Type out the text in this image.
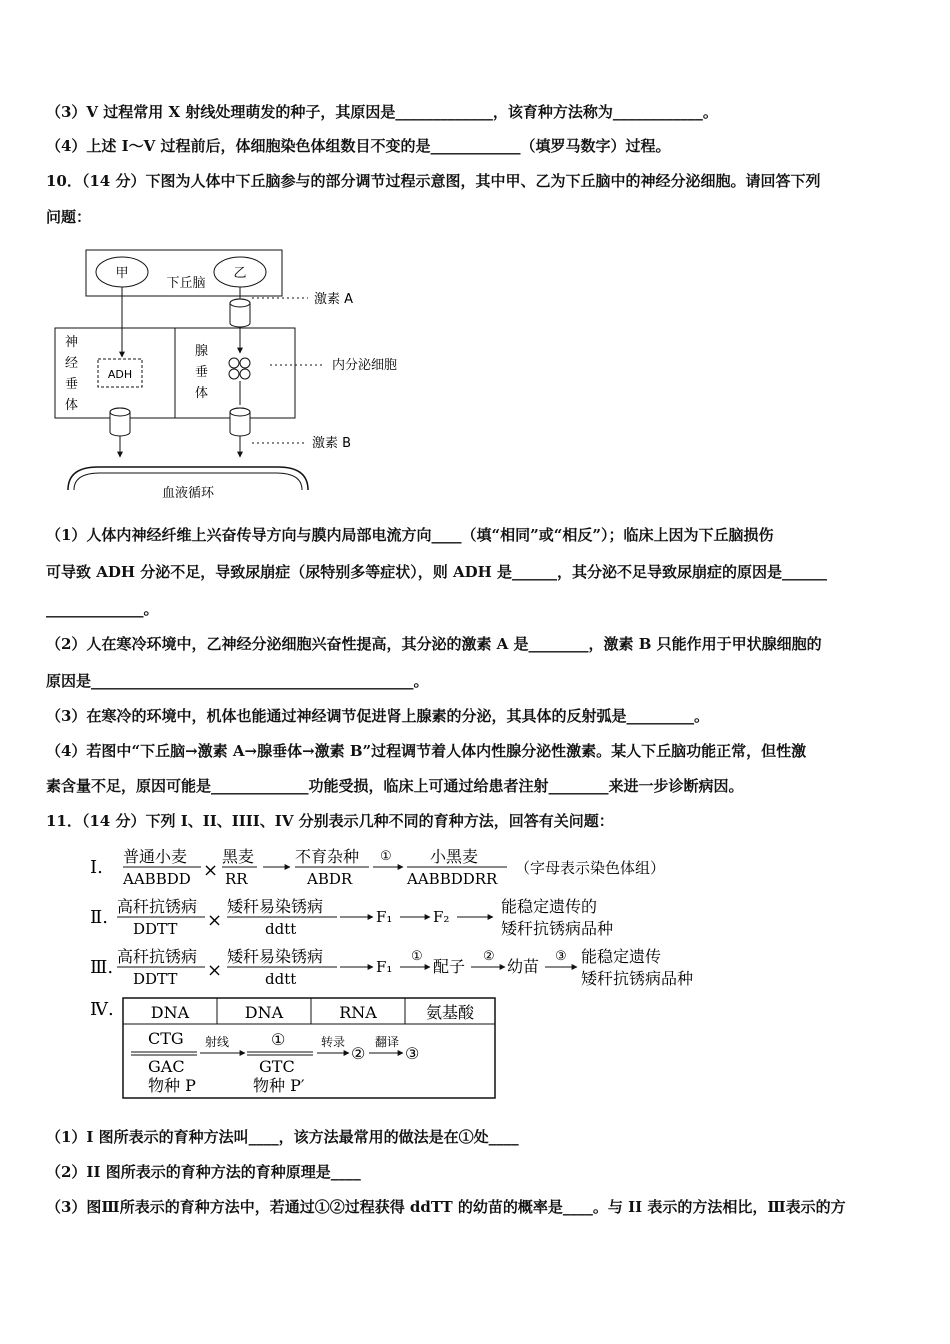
（3）V 过程常用 X 射线处理萌发的种子，其原因是_____________，该育种方法称为____________。
（4）上述 I～V 过程前后，体细胞染色体组数目不变的是____________（填罗马数字）过程。
10．（14 分）下图为人体中下丘脑参与的部分调节过程示意图，其中甲、乙为下丘脑中的神经分泌细胞。请回答下列
问题：
甲	乙
下丘脑
激素 A
神
经
垂
体
ADH
腺
垂
体
内分泌细胞
激素 B
血液循环
（1）人体内神经纤维上兴奋传导方向与膜内局部电流方向____（填“相同”或“相反”）；临床上因为下丘脑损伤
可导致 ADH 分泌不足，导致尿崩症（尿特别多等症状），则 ADH 是______，其分泌不足导致尿崩症的原因是______
_____________。
（2）人在寒冷环境中，乙神经分泌细胞兴奋性提高，其分泌的激素 A 是________，激素 B 只能作用于甲状腺细胞的
原因是___________________________________________。
（3）在寒冷的环境中，机体也能通过神经调节促进肾上腺素的分泌，其具体的反射弧是_________。
（4）若图中“下丘脑→激素 A→腺垂体→激素 B”过程调节着人体内性腺分泌性激素。某人下丘脑功能正常，但性激
素含量不足，原因可能是_____________功能受损，临床上可通过给患者注射________来进一步诊断病因。
11．（14 分）下列 I、II、IIII、IV 分别表示几种不同的育种方法，回答有关问题：
Ⅰ.
普通小麦
AABBDD ×
黑麦
RR
不育杂种
ABDR
① 小黑麦
AABBDDRR
（字母表示染色体组）
Ⅱ.
高秆抗锈病
DDTT ×
矮秆易染锈病
ddtt
F₁	F₂
能稳定遗传的
矮秆抗锈病品种
Ⅲ.
高秆抗锈病
DDTT ×
矮秆易染锈病
ddtt
F₁
①
配子
②
幼苗
③ 能稳定遗传
矮秆抗锈病品种
Ⅳ. DNA	DNA	RNA	氨基酸
CTG
GAC
物种 P
射线	①
GTC
物种 P′
转录
②
翻译
③
（1）I 图所表示的育种方法叫____，该方法最常用的做法是在①处____
（2）II 图所表示的育种方法的育种原理是____
（3）图Ⅲ所表示的育种方法中，若通过①②过程获得 ddTT 的幼苗的概率是____。与 II 表示的方法相比，Ⅲ表示的方
